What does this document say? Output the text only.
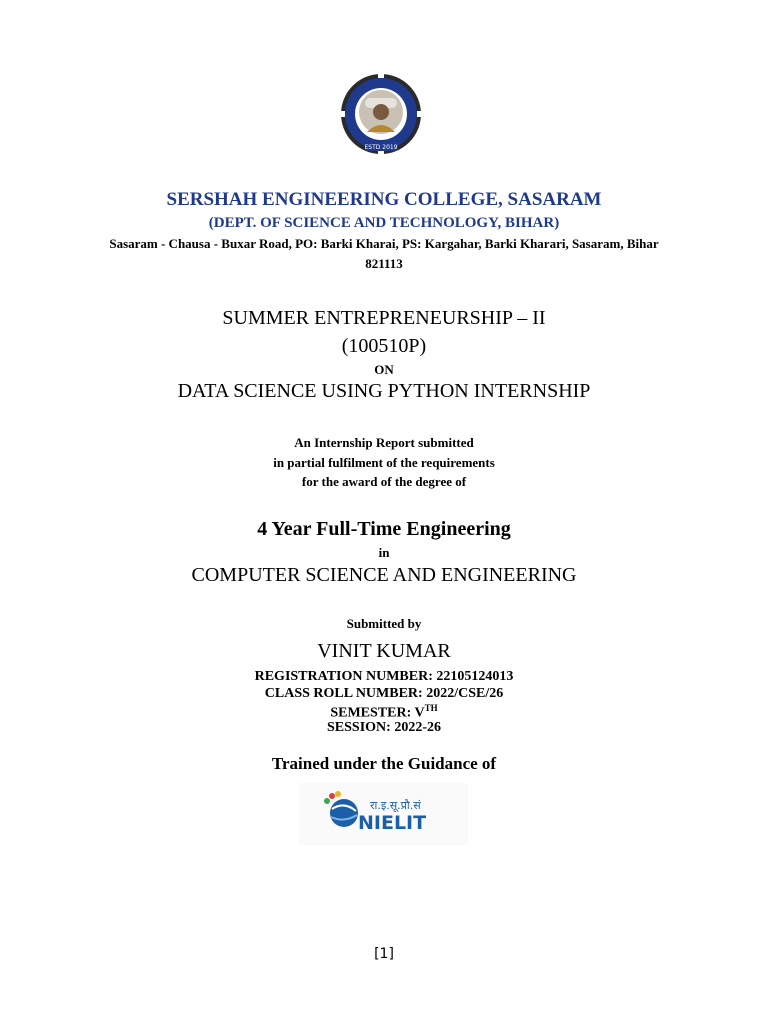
ESTD 2019
SERSHAH ENGINEERING COLLEGE, SASARAM
(DEPT. OF SCIENCE AND TECHNOLOGY, BIHAR)
Sasaram - Chausa - Buxar Road, PO: Barki Kharai, PS: Kargahar, Barki Kharari, Sasaram, Bihar
821113
SUMMER ENTREPRENEURSHIP – II
(100510P)
ON
DATA SCIENCE USING PYTHON INTERNSHIP
An Internship Report submitted
in partial fulfilment of the requirements
for the award of the degree of
4 Year Full-Time Engineering
in
COMPUTER SCIENCE AND ENGINEERING
Submitted by
VINIT KUMAR
REGISTRATION NUMBER: 22105124013
CLASS ROLL NUMBER: 2022/CSE/26
SEMESTER: VTH
SESSION: 2022-26
Trained under the Guidance of
रा.इ.सू.प्रौ.सं
NIELIT
[1]
